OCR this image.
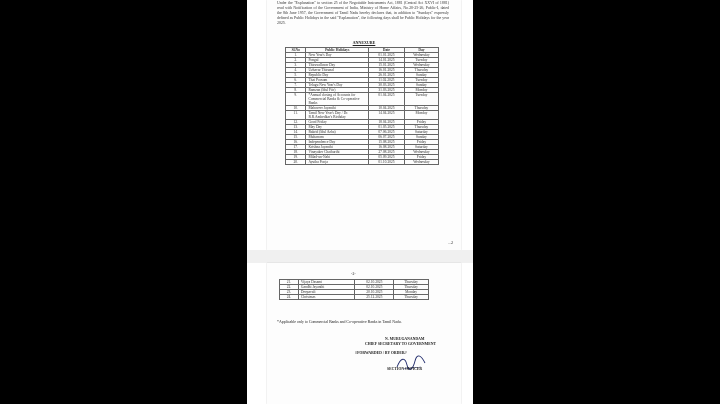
Under the "Explanation" to section 25 of the Negotiable Instruments Act, 1881 (Central Act XXVI of 1881) read with Notification of the Government of India, Ministry of Home Affairs, No.20-25-26, Public-I, dated the 8th June 1957, the Government of Tamil Nadu hereby declares that, in addition to "Sundays" expressly defined as Public Holidays in the said "Explanation", the following days shall be Public Holidays for the year 2025.
ANNEXURE
Sl.No	Public Holidays	Date	Day
1.	New Year's Day	01.01.2025	Wednesday
2.	Pongal	14.01.2025	Tuesday
3.	Thiruvalluvar Day	15.01.2025	Wednesday
4.	Uzhavar Thirunal	16.01.2025	Thursday
5.	Republic Day	26.01.2025	Sunday
6.	Thai Poosam	11.02.2025	Tuesday
7.	Telugu New Year's Day	30.03.2025	Sunday
8.	Ramzan (Idul Fitr)	31.03.2025	Monday
9.	*Annual closing of Accounts for Commercial Banks & Co-operative Banks	01.04.2025	Tuesday
10.	Mahaveer Jayanthi	10.04.2025	Thursday
11.	Tamil New Year's Day / Dr. B.R.Ambedkar's Birthday	14.04.2025	Monday
12.	Good Friday	18.04.2025	Friday
13.	May Day	01.05.2025	Thursday
14.	Bakrid (Idul Azha)	07.06.2025	Saturday
15.	Muharram	06.07.2025	Sunday
16.	Independence Day	15.08.2025	Friday
17.	Krishna Jayanthi	16.08.2025	Saturday
18.	Vinayaker Chathurthi	27.08.2025	Wednesday
19.	Milad-un-Nabi	05.09.2025	Friday
20.	Ayutha Pooja	01.10.2025	Wednesday
...2
-2-
21.	Vijaya Dasami	02.10.2025	Thursday
22.	Gandhi Jayanthi	02.10.2025	Thursday
23.	Deepavali	20.10.2025	Monday
24.	Christmas	25.12.2025	Thursday
*Applicable only to Commercial Banks and Co-operative Banks in Tamil Nadu.
N. MURUGANANDAM
CHIEF SECRETARY TO GOVERNMENT
//FORWARDED / BY ORDER//
SECTION OFFICER
